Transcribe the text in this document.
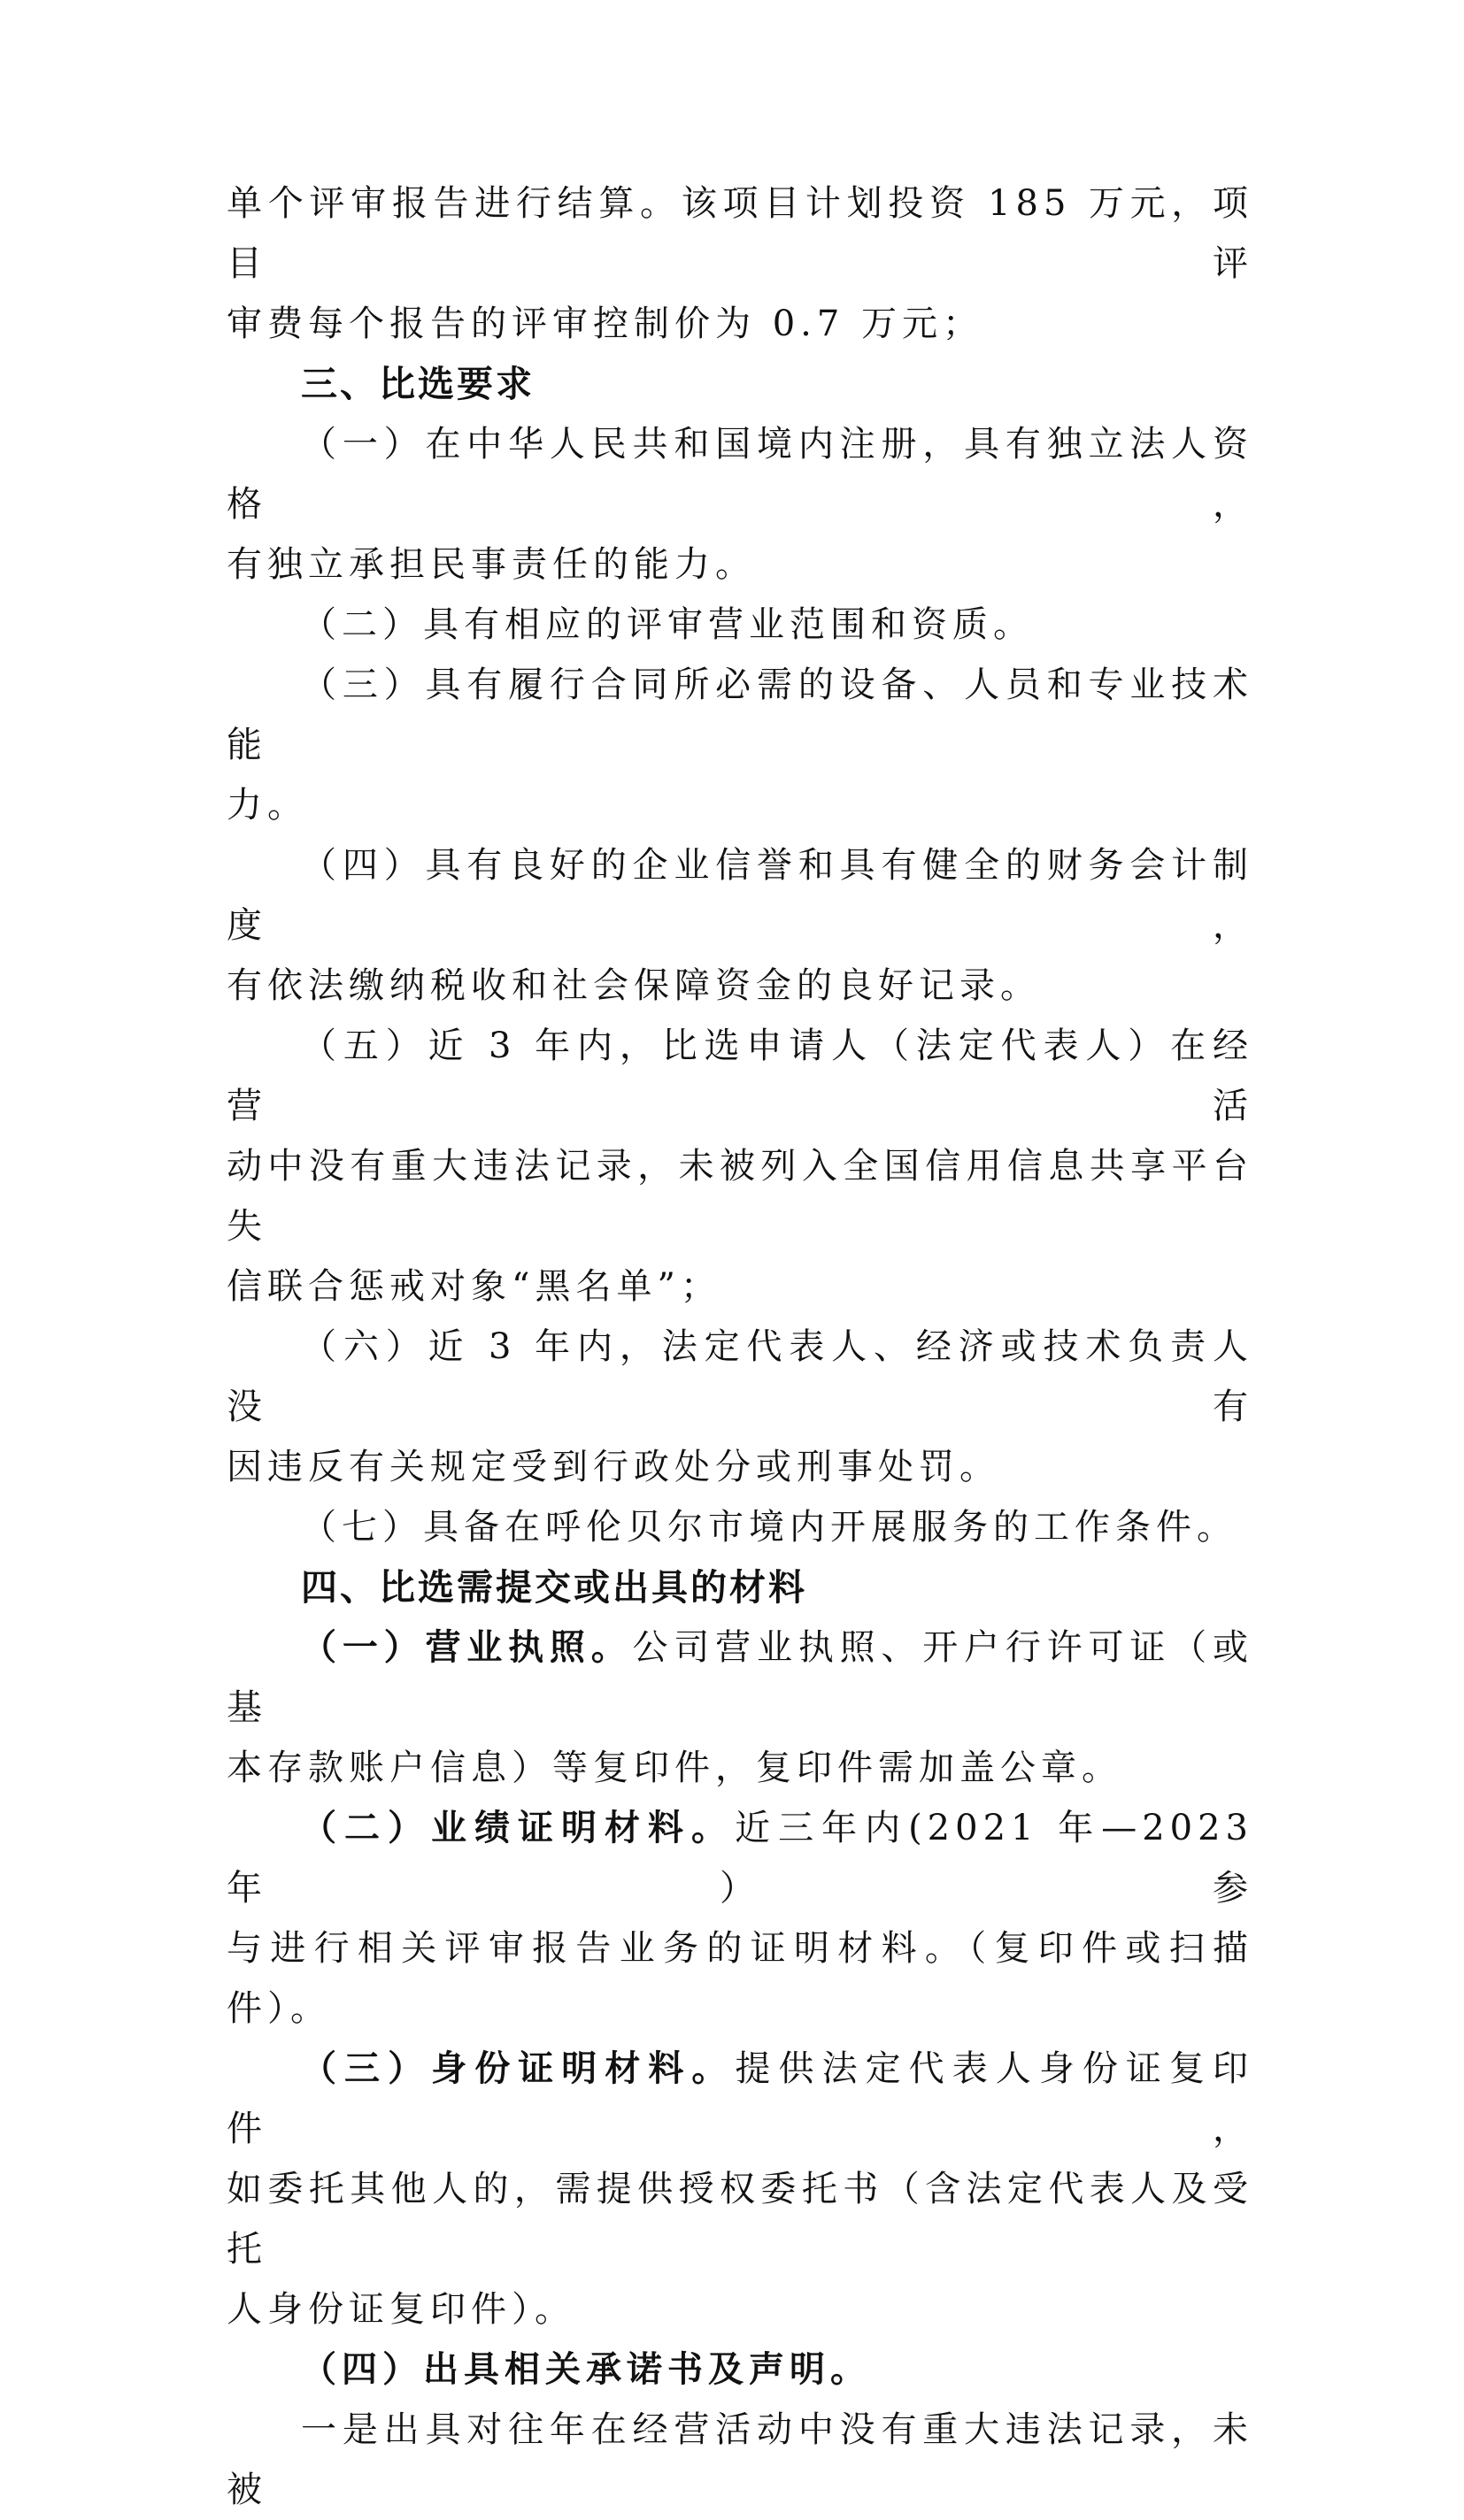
单个评审报告进行结算。该项目计划投资 185 万元，项目评

审费每个报告的评审控制价为 0.7 万元；

三、比选要求

（一）在中华人民共和国境内注册，具有独立法人资格，

有独立承担民事责任的能力。

（二）具有相应的评审营业范围和资质。

（三）具有履行合同所必需的设备、人员和专业技术能

力。

（四）具有良好的企业信誉和具有健全的财务会计制度，

有依法缴纳税收和社会保障资金的良好记录。

（五）近 3 年内，比选申请人（法定代表人）在经营活

动中没有重大违法记录，未被列入全国信用信息共享平台失

信联合惩戒对象“黑名单”；

（六）近 3 年内，法定代表人、经济或技术负责人没有

因违反有关规定受到行政处分或刑事处罚。

（七）具备在呼伦贝尔市境内开展服务的工作条件。

四、比选需提交或出具的材料

（一）营业执照。公司营业执照、开户行许可证（或基

本存款账户信息）等复印件，复印件需加盖公章。

（二）业绩证明材料。近三年内(2021 年—2023 年）参

与进行相关评审报告业务的证明材料。（复印件或扫描件）。

（三）身份证明材料。提供法定代表人身份证复印件，

如委托其他人的，需提供授权委托书（含法定代表人及受托

人身份证复印件）。

（四）出具相关承诺书及声明。

一是出具对往年在经营活动中没有重大违法记录，未被
